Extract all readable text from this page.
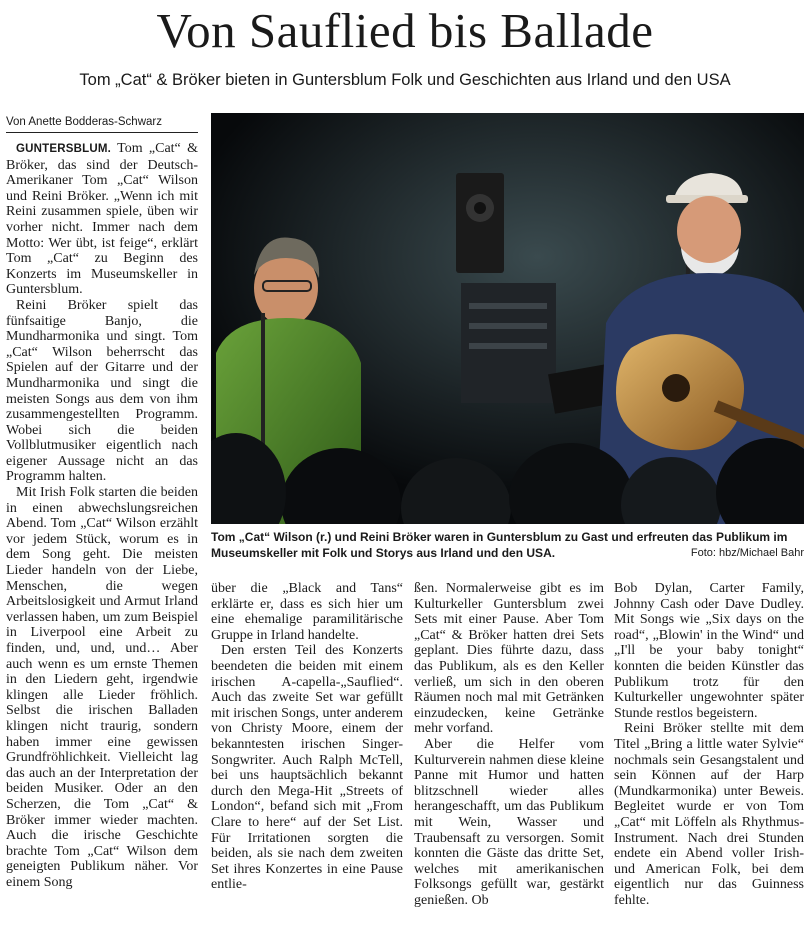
Von Sauflied bis Ballade
Tom „Cat“ & Bröker bieten in Guntersblum Folk und Geschichten aus Irland und den USA
Von Anette Bodderas-Schwarz

GUNTERSBLUM. Tom „Cat“ & Bröker, das sind der Deutsch-Amerikaner Tom „Cat“ Wilson und Reini Bröker. „Wenn ich mit Reini zusammen spiele, üben wir vorher nicht. Immer nach dem Motto: Wer übt, ist feige“, erklärt Tom „Cat“ zu Beginn des Konzerts im Museumskeller in Guntersblum.

Reini Bröker spielt das fünfsaitige Banjo, die Mundharmonika und singt. Tom „Cat“ Wilson beherrscht das Spielen auf der Gitarre und der Mundharmonika und singt die meisten Songs aus dem von ihm zusammengestellten Programm. Wobei sich die beiden Vollblutmusiker eigentlich nach eigener Aussage nicht an das Programm halten.

Mit Irish Folk starten die beiden in einen abwechslungsreichen Abend. Tom „Cat“ Wilson erzählt vor jedem Stück, worum es in dem Song geht. Die meisten Lieder handeln von der Liebe, Menschen, die wegen Arbeitslosigkeit und Armut Irland verlassen haben, um zum Beispiel in Liverpool eine Arbeit zu finden, und, und, und… Aber auch wenn es um ernste Themen in den Liedern geht, irgendwie klingen alle Lieder fröhlich. Selbst die irischen Balladen klingen nicht traurig, sondern haben immer eine gewissen Grundfröhlichkeit. Vielleicht lag das auch an der Interpretation der beiden Musiker. Oder an den Scherzen, die Tom „Cat“ & Bröker immer wieder machten. Auch die irische Geschichte brachte Tom „Cat“ Wilson dem geneigten Publikum näher. Vor einem Song

Tom „Cat“ Wilson (r.) und Reini Bröker waren in Guntersblum zu Gast und erfreuten das Publikum im Museumskeller mit Folk und Storys aus Irland und den USA.	Foto: hbz/Michael Bahr

über die „Black and Tans“ erklärte er, dass es sich hier um eine ehemalige paramilitärische Gruppe in Irland handelte.

Den ersten Teil des Konzerts beendeten die beiden mit einem irischen A-capella-„Sauflied“. Auch das zweite Set war gefüllt mit irischen Songs, unter anderem von Christy Moore, einem der bekanntesten irischen Singer-Songwriter. Auch Ralph McTell, bei uns hauptsächlich bekannt durch den Mega-Hit „Streets of London“, befand sich mit „From Clare to here“ auf der Set List. Für Irritationen sorgten die beiden, als sie nach dem zweiten Set ihres Konzertes in eine Pause entlie-

ßen. Normalerweise gibt es im Kulturkeller Guntersblum zwei Sets mit einer Pause. Aber Tom „Cat“ & Bröker hatten drei Sets geplant. Dies führte dazu, dass das Publikum, als es den Keller verließ, um sich in den oberen Räumen noch mal mit Getränken einzudecken, keine Getränke mehr vorfand.

Aber die Helfer vom Kulturverein nahmen diese kleine Panne mit Humor und hatten blitzschnell wieder alles herangeschafft, um das Publikum mit Wein, Wasser und Traubensaft zu versorgen. Somit konnten die Gäste das dritte Set, welches mit amerikanischen Folksongs gefüllt war, gestärkt genießen. Ob

Bob Dylan, Carter Family, Johnny Cash oder Dave Dudley. Mit Songs wie „Six days on the road“, „Blowin' in the Wind“ und „I'll be your baby tonight“ konnten die beiden Künstler das Publikum trotz für den Kulturkeller ungewohnter später Stunde restlos begeistern.

Reini Bröker stellte mit dem Titel „Bring a little water Sylvie“ nochmals sein Gesangstalent und sein Können auf der Harp (Mundkarmonika) unter Beweis. Begleitet wurde er von Tom „Cat“ mit Löffeln als Rhythmus-Instrument. Nach drei Stunden endete ein Abend voller Irish- und American Folk, bei dem eigentlich nur das Guinness fehlte.
